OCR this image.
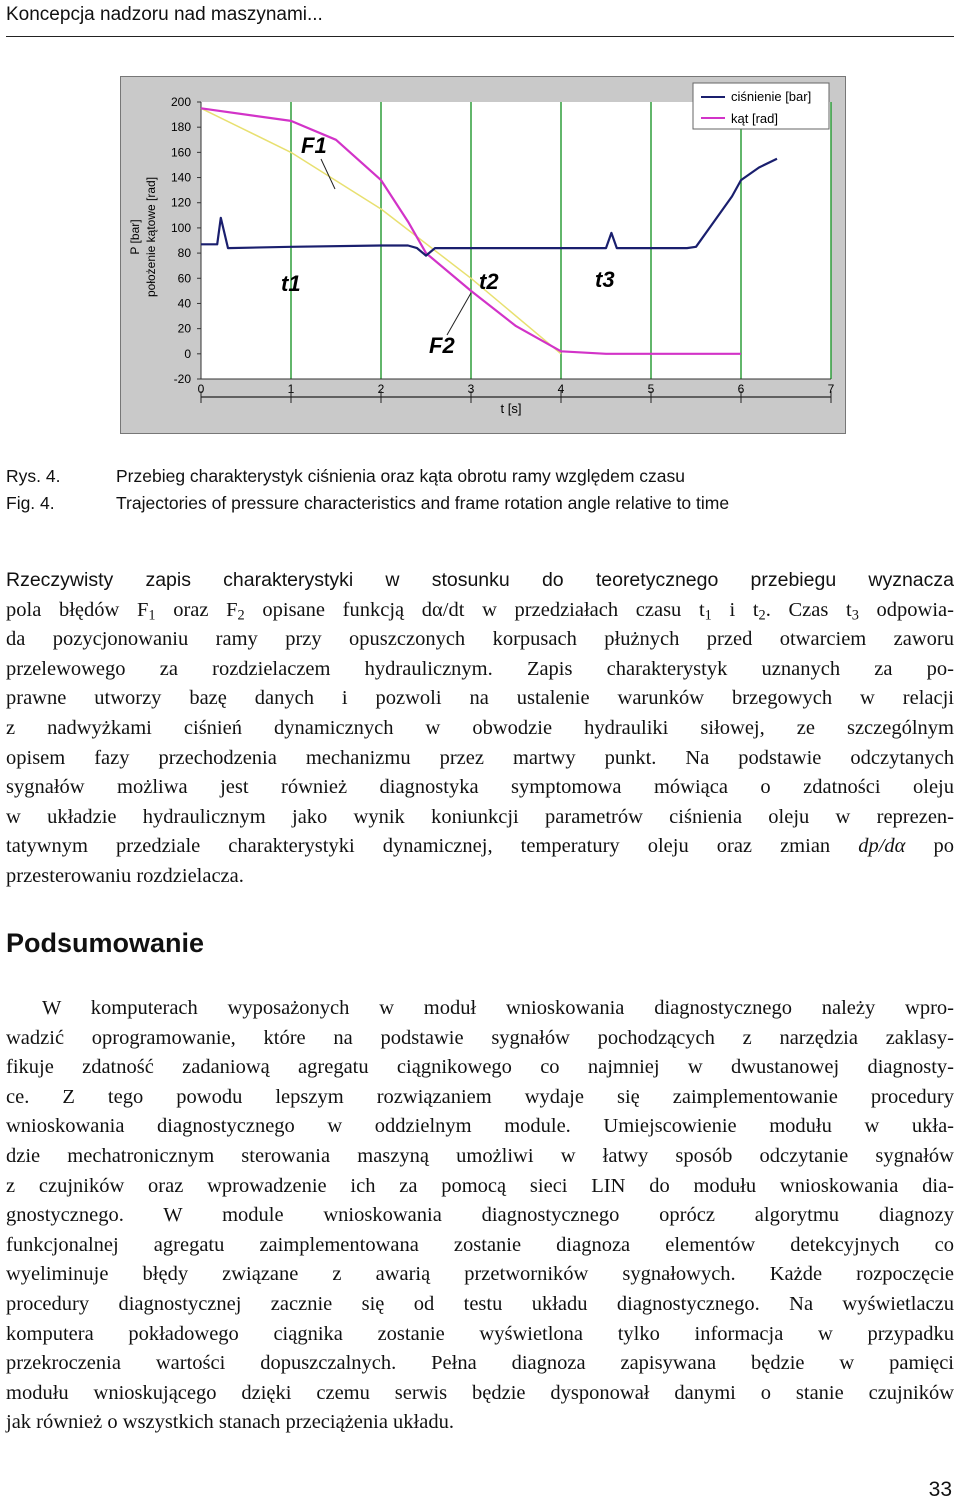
Koncepcja nadzoru nad maszynami...
200
180
160
140
120
100
80
60
40
20
0
-20
0	1	2	3	4	5	6	7
t [s]
P [bar] położenie kątowe [rad]
ciśnienie [bar]
kąt [rad]
F1
F2
t1	t2	t3
Rys. 4.	Przebieg charakterystyk ciśnienia oraz kąta obrotu ramy względem czasu
Fig. 4.	Trajectories of pressure characteristics and frame rotation angle relative to time
Rzeczywisty zapis charakterystyki w stosunku do teoretycznego przebiegu wyznacza
pola błędów $F_1$ oraz $F_2$ opisane funkcją dα/dt w przedziałach czasu $t_1$ i $t_2$. Czas $t_3$ odpowia-
da pozycjonowaniu ramy przy opuszczonych korpusach płużnych przed otwarciem zaworu
przelewowego za rozdzielaczem hydraulicznym. Zapis charakterystyk uznanych za po-
prawne utworzy bazę danych i pozwoli na ustalenie warunków brzegowych w relacji
z nadwyżkami ciśnień dynamicznych w obwodzie hydrauliki siłowej, ze szczególnym
opisem fazy przechodzenia mechanizmu przez martwy punkt. Na podstawie odczytanych
sygnałów możliwa jest również diagnostyka symptomowa mówiąca o zdatności oleju
w układzie hydraulicznym jako wynik koniunkcji parametrów ciśnienia oleju w reprezen-
tatywnym przedziale charakterystyki dynamicznej, temperatury oleju oraz zmian dp/dα po
przesterowaniu rozdzielacza.
Podsumowanie
W komputerach wyposażonych w moduł wnioskowania diagnostycznego należy wpro-
wadzić oprogramowanie, które na podstawie sygnałów pochodzących z narzędzia zaklasy-
fikuje zdatność zadaniową agregatu ciągnikowego co najmniej w dwustanowej diagnosty-
ce. Z tego powodu lepszym rozwiązaniem wydaje się zaimplementowanie procedury
wnioskowania diagnostycznego w oddzielnym module. Umiejscowienie modułu w ukła-
dzie mechatronicznym sterowania maszyną umożliwi w łatwy sposób odczytanie sygnałów
z czujników oraz wprowadzenie ich za pomocą sieci LIN do modułu wnioskowania dia-
gnostycznego. W module wnioskowania diagnostycznego oprócz algorytmu diagnozy
funkcjonalnej agregatu zaimplementowana zostanie diagnoza elementów detekcyjnych co
wyeliminuje błędy związane z awarią przetworników sygnałowych. Każde rozpoczęcie
procedury diagnostycznej zacznie się od testu układu diagnostycznego. Na wyświetlaczu
komputera pokładowego ciągnika zostanie wyświetlona tylko informacja w przypadku
przekroczenia wartości dopuszczalnych. Pełna diagnoza zapisywana będzie w pamięci
modułu wnioskującego dzięki czemu serwis będzie dysponował danymi o stanie czujników
jak również o wszystkich stanach przeciążenia układu.
33
